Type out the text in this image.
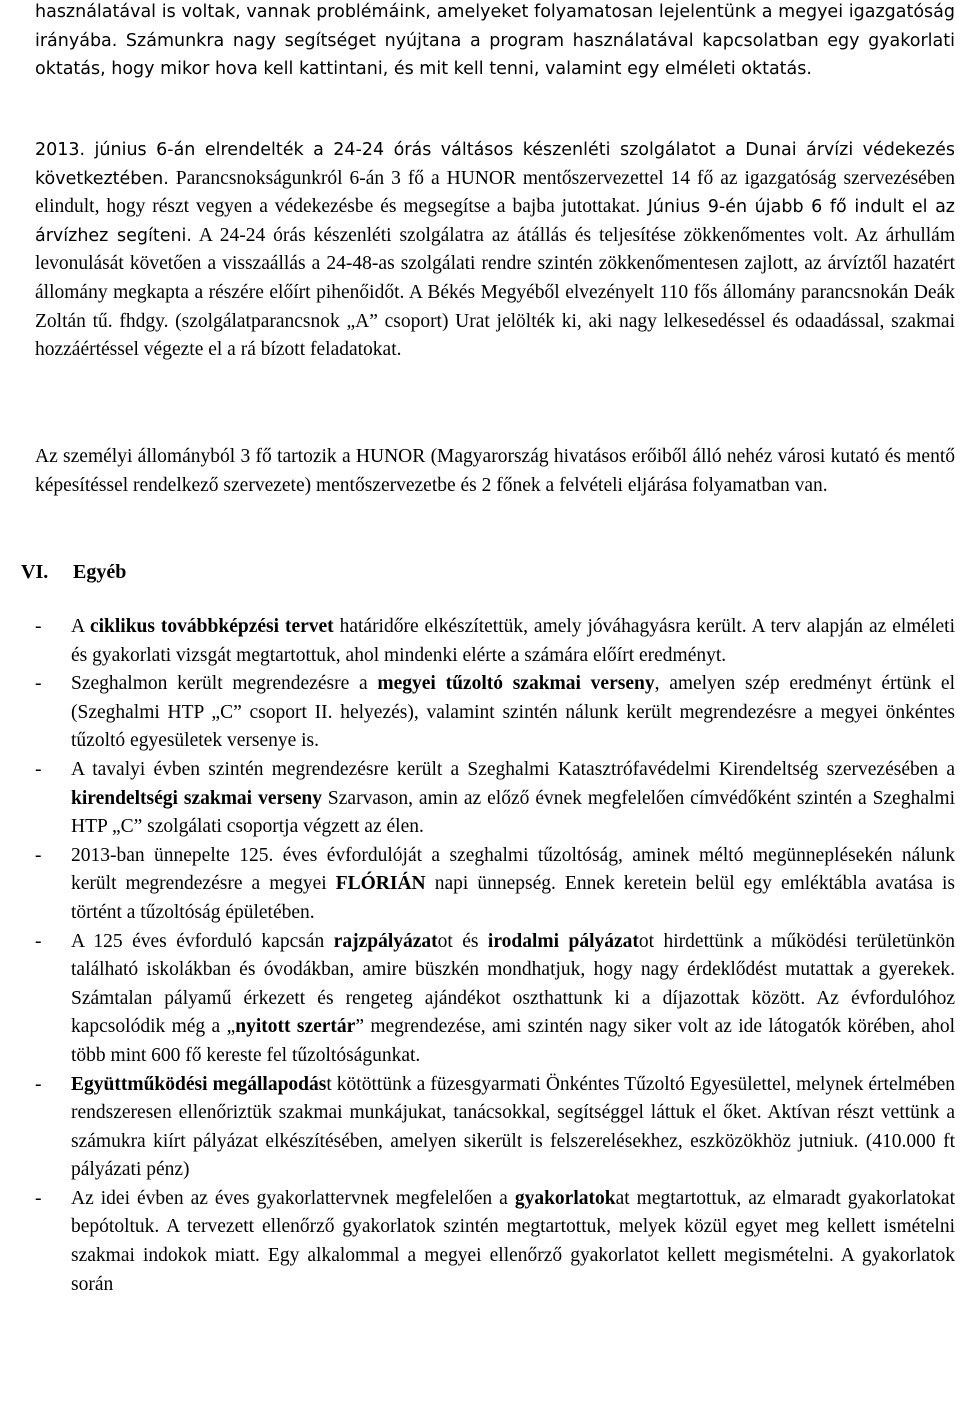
használatával is voltak, vannak problémáink, amelyeket folyamatosan lejelentünk a megyei igazgatóság irányába. Számunkra nagy segítséget nyújtana a program használatával kapcsolatban egy gyakorlati oktatás, hogy mikor hova kell kattintani, és mit kell tenni, valamint egy elméleti oktatás.

2013. június 6-án elrendelték a 24-24 órás váltásos készenléti szolgálatot a Dunai árvízi védekezés következtében. Parancsnokságunkról 6-án 3 fő a HUNOR mentőszervezettel 14 fő az igazgatóság szervezésében elindult, hogy részt vegyen a védekezésbe és megsegítse a bajba jutottakat. Június 9-én újabb 6 fő indult el az árvízhez segíteni. A 24-24 órás készenléti szolgálatra az átállás és teljesítése zökkenőmentes volt. Az árhullám levonulását követően a visszaállás a 24-48-as szolgálati rendre szintén zökkenőmentesen zajlott, az árvíztől hazatért állomány megkapta a részére előírt pihenőidőt. A Békés Megyéből elvezényelt 110 fős állomány parancsnokán Deák Zoltán tű. fhdgy. (szolgálatparancsnok „A” csoport) Urat jelölték ki, aki nagy lelkesedéssel és odaadással, szakmai hozzáértéssel végezte el a rá bízott feladatokat.

Az személyi állományból 3 fő tartozik a HUNOR (Magyarország hivatásos erőiből álló nehéz városi kutató és mentő képesítéssel rendelkező szervezete) mentőszervezetbe és 2 főnek a felvételi eljárása folyamatban van.

VI. Egyéb
- A ciklikus továbbképzési tervet határidőre elkészítettük, amely jóváhagyásra került. A terv alapján az elméleti és gyakorlati vizsgát megtartottuk, ahol mindenki elérte a számára előírt eredményt.
- Szeghalmon került megrendezésre a megyei tűzoltó szakmai verseny, amelyen szép eredményt értünk el (Szeghalmi HTP „C” csoport II. helyezés), valamint szintén nálunk került megrendezésre a megyei önkéntes tűzoltó egyesületek versenye is.
- A tavalyi évben szintén megrendezésre került a Szeghalmi Katasztrófavédelmi Kirendeltség szervezésében a kirendeltségi szakmai verseny Szarvason, amin az előző évnek megfelelően címvédőként szintén a Szeghalmi HTP „C” szolgálati csoportja végzett az élen.
- 2013-ban ünnepelte 125. éves évfordulóját a szeghalmi tűzoltóság, aminek méltó megünneplésekén nálunk került megrendezésre a megyei FLÓRIÁN napi ünnepség. Ennek keretein belül egy emléktábla avatása is történt a tűzoltóság épületében.
- A 125 éves évforduló kapcsán rajzpályázatot és irodalmi pályázatot hirdettünk a működési területünkön található iskolákban és óvodákban, amire büszkén mondhatjuk, hogy nagy érdeklődést mutattak a gyerekek. Számtalan pályamű érkezett és rengeteg ajándékot oszthattunk ki a díjazottak között. Az évfordulóhoz kapcsolódik még a „nyitott szertár” megrendezése, ami szintén nagy siker volt az ide látogatók körében, ahol több mint 600 fő kereste fel tűzoltóságunkat.
- Együttműködési megállapodást kötöttünk a füzesgyarmati Önkéntes Tűzoltó Egyesülettel, melynek értelmében rendszeresen ellenőriztük szakmai munkájukat, tanácsokkal, segítséggel láttuk el őket. Aktívan részt vettünk a számukra kiírt pályázat elkészítésében, amelyen sikerült is felszerelésekhez, eszközökhöz jutniuk. (410.000 ft pályázati pénz)
- Az idei évben az éves gyakorlattervnek megfelelően a gyakorlatokat megtartottuk, az elmaradt gyakorlatokat bepótoltuk. A tervezett ellenőrző gyakorlatok szintén megtartottuk, melyek közül egyet meg kellett ismételni szakmai indokok miatt. Egy alkalommal a megyei ellenőrző gyakorlatot kellett megismételni. A gyakorlatok során
